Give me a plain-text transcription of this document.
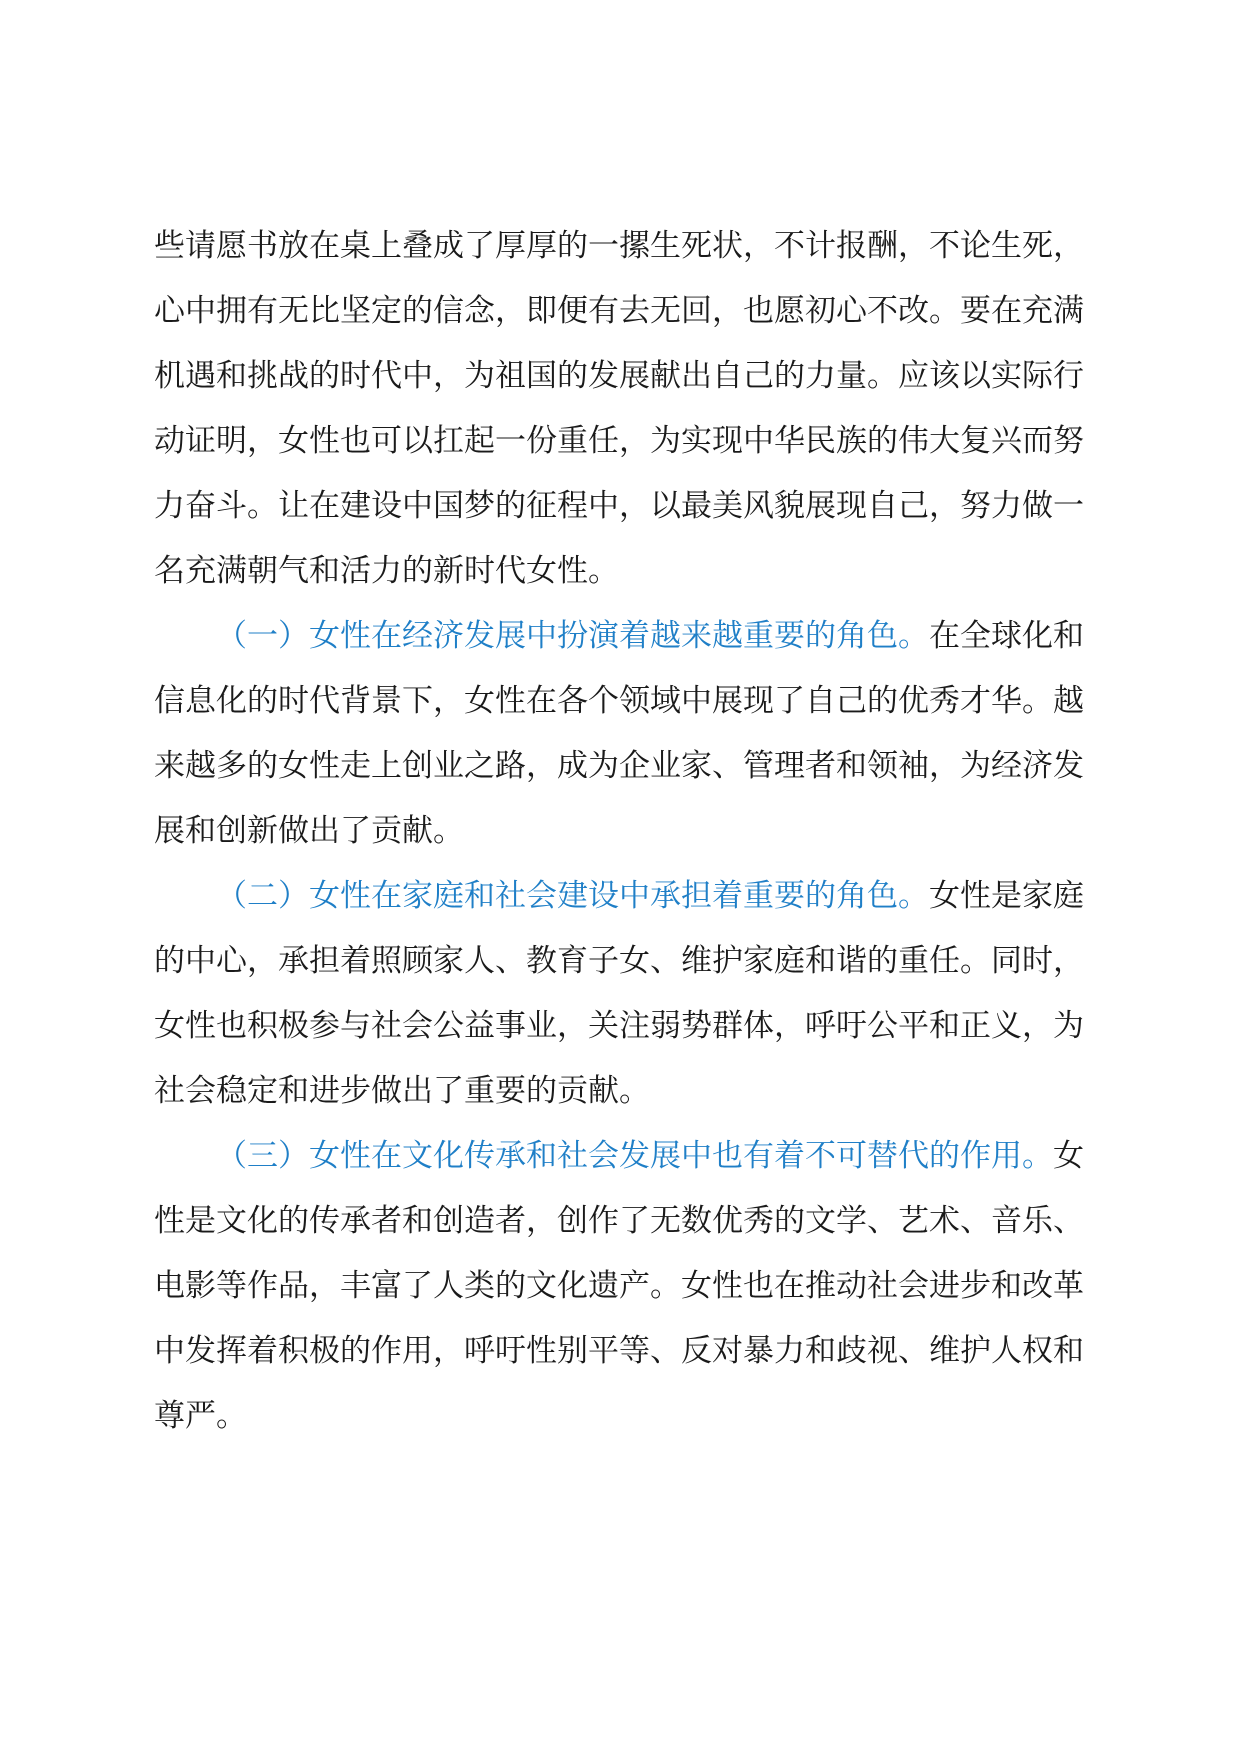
些请愿书放在桌上叠成了厚厚的一摞生死状，不计报酬，不论生死，心中拥有无比坚定的信念，即便有去无回，也愿初心不改。要在充满机遇和挑战的时代中，为祖国的发展献出自己的力量。应该以实际行动证明，女性也可以扛起一份重任，为实现中华民族的伟大复兴而努力奋斗。让在建设中国梦的征程中，以最美风貌展现自己，努力做一名充满朝气和活力的新时代女性。

（一）女性在经济发展中扮演着越来越重要的角色。在全球化和信息化的时代背景下，女性在各个领域中展现了自己的优秀才华。越来越多的女性走上创业之路，成为企业家、管理者和领袖，为经济发展和创新做出了贡献。

（二）女性在家庭和社会建设中承担着重要的角色。女性是家庭的中心，承担着照顾家人、教育子女、维护家庭和谐的重任。同时，女性也积极参与社会公益事业，关注弱势群体，呼吁公平和正义，为社会稳定和进步做出了重要的贡献。

（三）女性在文化传承和社会发展中也有着不可替代的作用。女性是文化的传承者和创造者，创作了无数优秀的文学、艺术、音乐、电影等作品，丰富了人类的文化遗产。女性也在推动社会进步和改革中发挥着积极的作用，呼吁性别平等、反对暴力和歧视、维护人权和尊严。
